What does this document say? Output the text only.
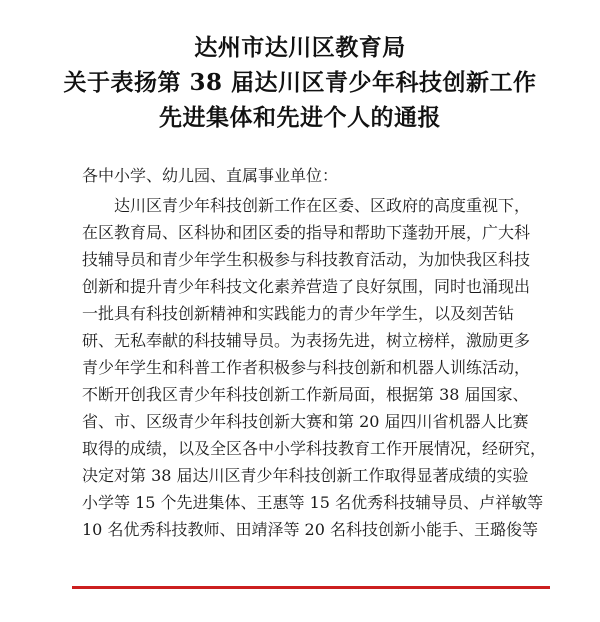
达州市达川区教育局
关于表扬第 38 届达川区青少年科技创新工作
先进集体和先进个人的通报
各中小学、幼儿园、直属事业单位：
达川区青少年科技创新工作在区委、区政府的高度重视下，
在区教育局、区科协和团区委的指导和帮助下蓬勃开展，广大科
技辅导员和青少年学生积极参与科技教育活动，为加快我区科技
创新和提升青少年科技文化素养营造了良好氛围，同时也涌现出
一批具有科技创新精神和实践能力的青少年学生，以及刻苦钻
研、无私奉献的科技辅导员。为表扬先进，树立榜样，激励更多
青少年学生和科普工作者积极参与科技创新和机器人训练活动，
不断开创我区青少年科技创新工作新局面，根据第 38 届国家、
省、市、区级青少年科技创新大赛和第 20 届四川省机器人比赛
取得的成绩，以及全区各中小学科技教育工作开展情况，经研究，
决定对第 38 届达川区青少年科技创新工作取得显著成绩的实验
小学等 15 个先进集体、王惠等 15 名优秀科技辅导员、卢祥敏等
10 名优秀科技教师、田靖泽等 20 名科技创新小能手、王璐俊等
